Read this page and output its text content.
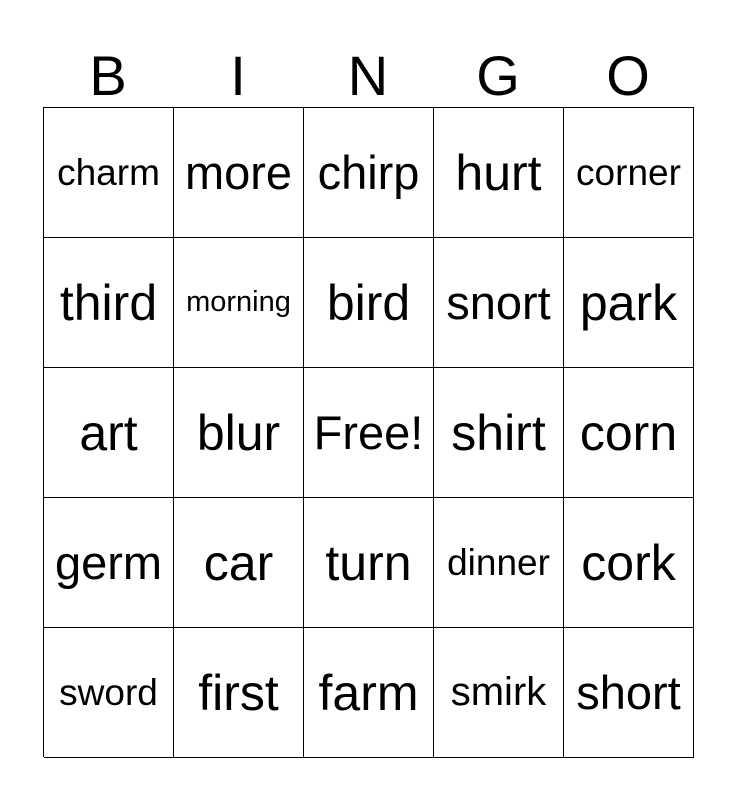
B	I	N	G	O
charm more chirp hurt corner
third morning bird snort park
art	blur Free! shirt corn
germ car	turn dinner cork
sword first farm smirk short
